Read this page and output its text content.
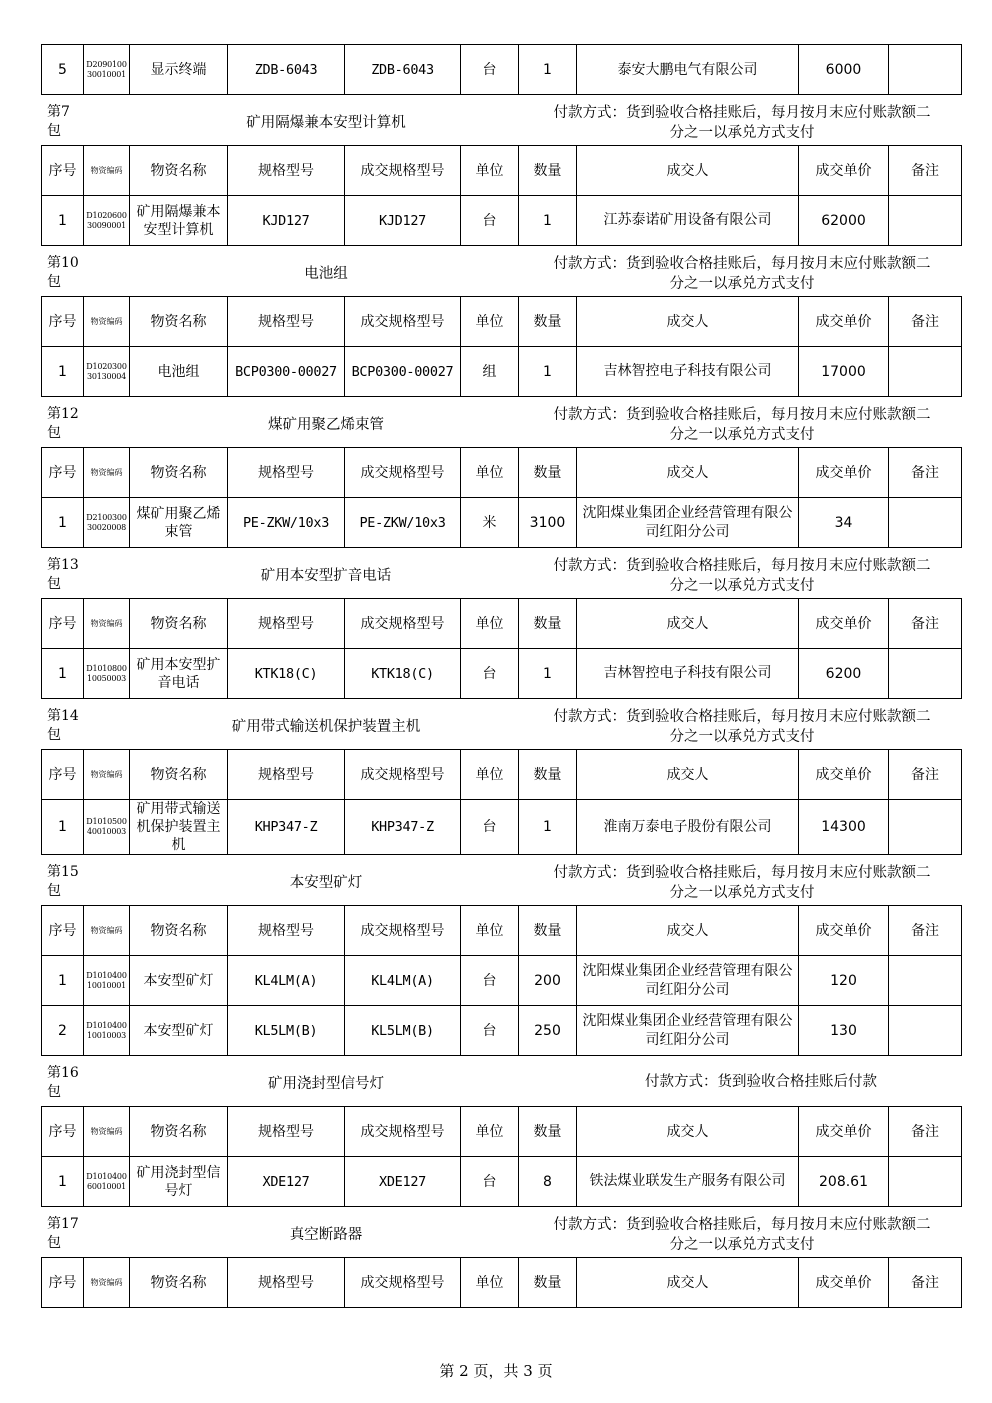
5	D2090100 30010001	显示终端	ZDB-6043	ZDB-6043	台	1	泰安大鹏电气有限公司	6000	
第7
包	矿用隔爆兼本安型计算机
付款方式：货到验收合格挂账后，每月按月末应付账款额二
分之一以承兑方式支付
序号	物资编码	物资名称	规格型号	成交规格型号	单位	数量	成交人	成交单价	备注
1	D1020600 30090001	矿用隔爆兼本安型计算机	KJD127	KJD127	台	1	江苏泰诺矿用设备有限公司	62000	
第10
包	电池组
付款方式：货到验收合格挂账后，每月按月末应付账款额二
分之一以承兑方式支付
序号	物资编码	物资名称	规格型号	成交规格型号	单位	数量	成交人	成交单价	备注
1	D1020300 30130004	电池组	BCP0300-00027	BCP0300-00027	组	1	吉林智控电子科技有限公司	17000	
第12
包	煤矿用聚乙烯束管
付款方式：货到验收合格挂账后，每月按月末应付账款额二
分之一以承兑方式支付
序号	物资编码	物资名称	规格型号	成交规格型号	单位	数量	成交人	成交单价	备注
1	D2100300 30020008	煤矿用聚乙烯束管	PE-ZKW/10x3	PE-ZKW/10x3	米	3100	沈阳煤业集团企业经营管理有限公司红阳分公司	34	
第13
包	矿用本安型扩音电话
付款方式：货到验收合格挂账后，每月按月末应付账款额二
分之一以承兑方式支付
序号	物资编码	物资名称	规格型号	成交规格型号	单位	数量	成交人	成交单价	备注
1	D1010800 10050003	矿用本安型扩音电话	KTK18(C)	KTK18(C)	台	1	吉林智控电子科技有限公司	6200	
第14
包	矿用带式输送机保护装置主机
付款方式：货到验收合格挂账后，每月按月末应付账款额二
分之一以承兑方式支付
序号	物资编码	物资名称	规格型号	成交规格型号	单位	数量	成交人	成交单价	备注
1	D1010500 40010003	矿用带式输送机保护装置主机	KHP347-Z	KHP347-Z	台	1	淮南万泰电子股份有限公司	14300	
第15
包	本安型矿灯
付款方式：货到验收合格挂账后，每月按月末应付账款额二
分之一以承兑方式支付
序号	物资编码	物资名称	规格型号	成交规格型号	单位	数量	成交人	成交单价	备注
1	D1010400 10010001	本安型矿灯	KL4LM(A)	KL4LM(A)	台	200	沈阳煤业集团企业经营管理有限公司红阳分公司	120	
2	D1010400 10010003	本安型矿灯	KL5LM(B)	KL5LM(B)	台	250	沈阳煤业集团企业经营管理有限公司红阳分公司	130	
第16
包	矿用浇封型信号灯	付款方式：货到验收合格挂账后付款
序号	物资编码	物资名称	规格型号	成交规格型号	单位	数量	成交人	成交单价	备注
1	D1010400 60010001	矿用浇封型信号灯	XDE127	XDE127	台	8	铁法煤业联发生产服务有限公司	208.61	
第17
包	真空断路器
付款方式：货到验收合格挂账后，每月按月末应付账款额二
分之一以承兑方式支付
序号	物资编码	物资名称	规格型号	成交规格型号	单位	数量	成交人	成交单价	备注
第 2 页，共 3 页
